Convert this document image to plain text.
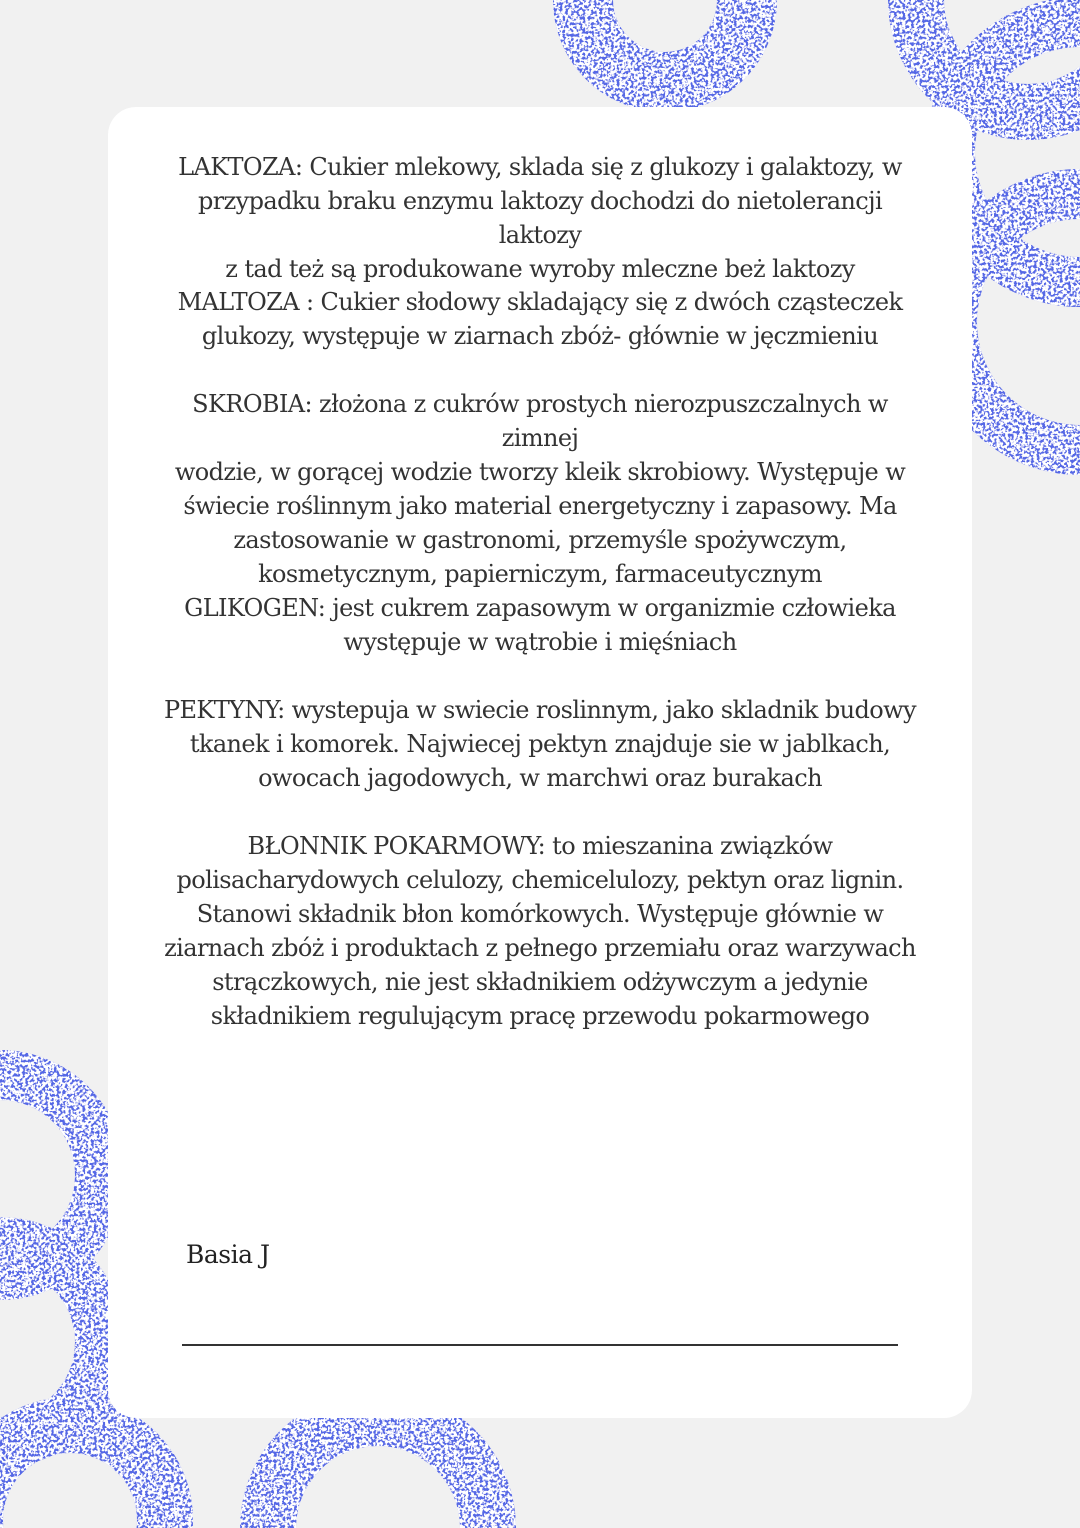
LAKTOZA: Cukier mlekowy, sklada się z glukozy i galaktozy, w
przypadku braku enzymu laktozy dochodzi do nietolerancji laktozy
z tad też są produkowane wyroby mleczne beż laktozy

MALTOZA : Cukier słodowy skladający się z dwóch cząsteczek
glukozy, występuje w ziarnach zbóż- głównie w jęczmieniu

SKROBIA: złożona z cukrów prostych nierozpuszczalnych w zimnej
wodzie, w gorącej wodzie tworzy kleik skrobiowy. Występuje w
świecie roślinnym jako material energetyczny i zapasowy. Ma
zastosowanie w gastronomi, przemyśle spożywczym,
kosmetycznym, papierniczym, farmaceutycznym

GLIKOGEN: jest cukrem zapasowym w organizmie człowieka
występuje w wątrobie i mięśniach

PEKTYNY: wystepuja w swiecie roslinnym, jako skladnik budowy
tkanek i komorek. Najwiecej pektyn znajduje sie w jablkach,
owocach jagodowych, w marchwi oraz burakach

BŁONNIK POKARMOWY: to mieszanina związków
polisacharydowych celulozy, chemicelulozy, pektyn oraz lignin.
Stanowi składnik błon komórkowych. Występuje głównie w
ziarnach zbóż i produktach z pełnego przemiału oraz warzywach
strączkowych, nie jest składnikiem odżywczym a jedynie
składnikiem regulującym pracę przewodu pokarmowego

Basia J
